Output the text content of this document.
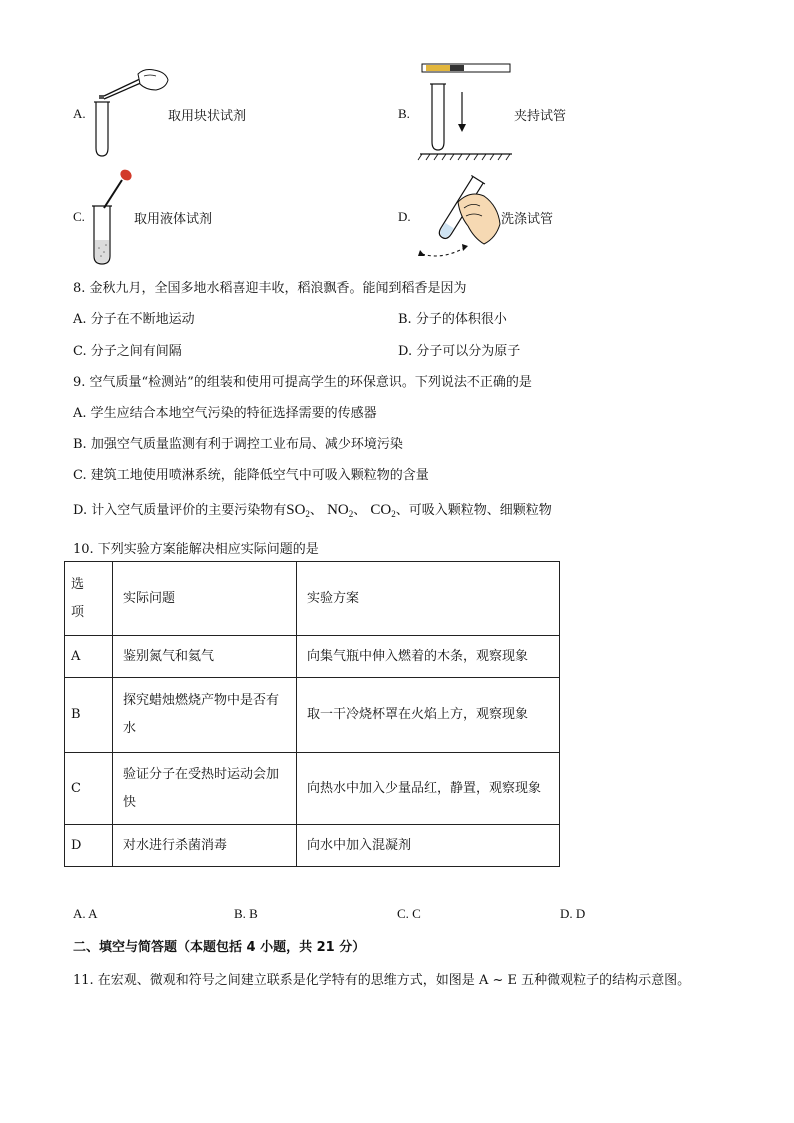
A.	取用块状试剂	B.	夹持试管
C.	取用液体试剂	D.	洗涤试管
8. 金秋九月，全国多地水稻喜迎丰收，稻浪飘香。能闻到稻香是因为
A. 分子在不断地运动	B. 分子的体积很小
C. 分子之间有间隔	D. 分子可以分为原子
9. 空气质量“检测站”的组装和使用可提高学生的环保意识。下列说法不正确的是
A. 学生应结合本地空气污染的特征选择需要的传感器
B. 加强空气质量监测有利于调控工业布局、减少环境污染
C. 建筑工地使用喷淋系统，能降低空气中可吸入颗粒物的含量
D. 计入空气质量评价的主要污染物有$SO_2$、 $NO_2$、 $CO_2$、可吸入颗粒物、细颗粒物
10. 下列实验方案能解决相应实际问题的是
选项	实际问题	实验方案
A	鉴别氮气和氦气	向集气瓶中伸入燃着的木条，观察现象
B	探究蜡烛燃烧产物中是否有水	取一干冷烧杯罩在火焰上方，观察现象
C	验证分子在受热时运动会加快	向热水中加入少量品红，静置，观察现象
D	对水进行杀菌消毒	向水中加入混凝剂
A. A	B. B	C. C	D. D
二、填空与简答题（本题包括 4 小题，共 21 分）
11. 在宏观、微观和符号之间建立联系是化学特有的思维方式，如图是 A ~ E 五种微观粒子的结构示意图。
